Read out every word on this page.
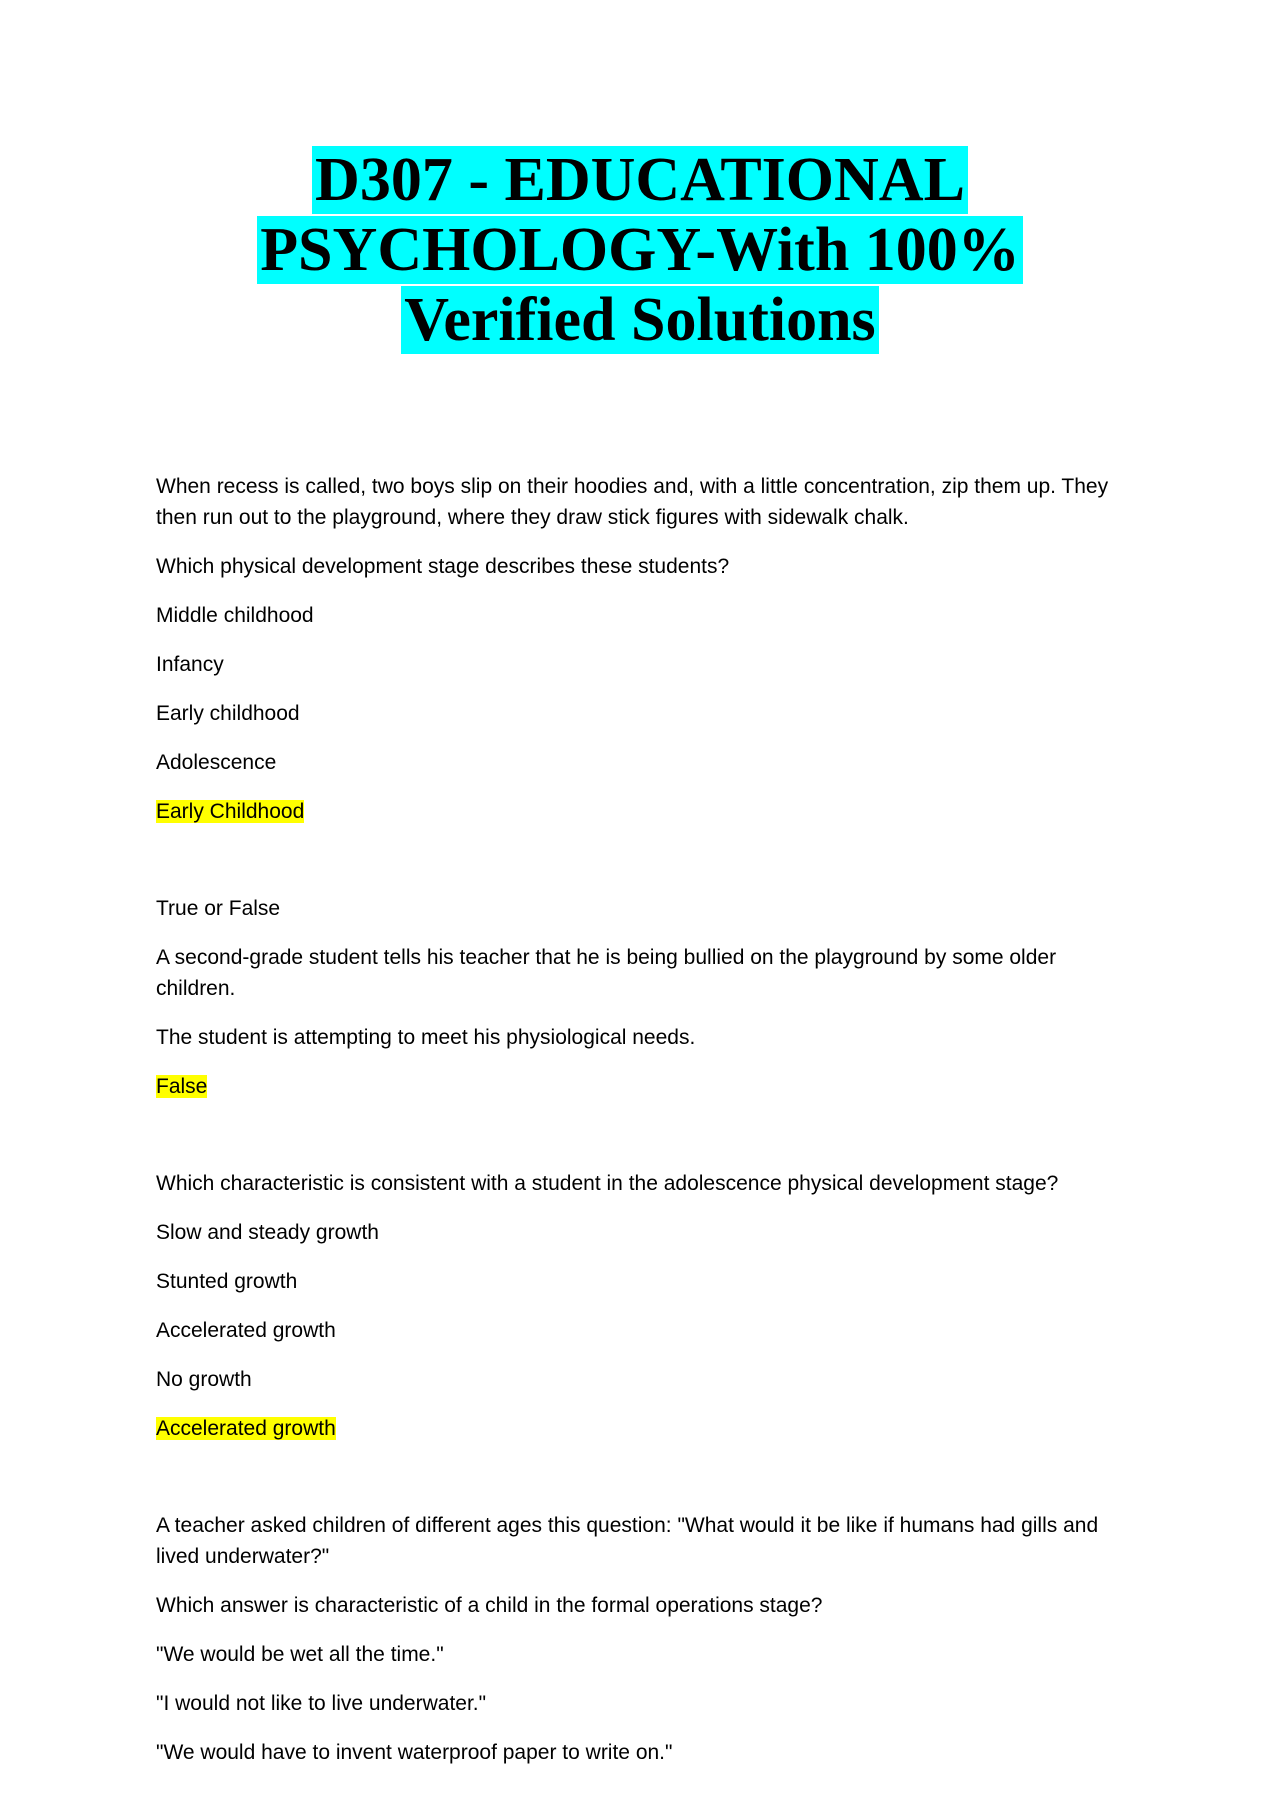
D307 - EDUCATIONAL
PSYCHOLOGY-With 100%
Verified Solutions

When recess is called, two boys slip on their hoodies and, with a little concentration, zip them up. They then run out to the playground, where they draw stick figures with sidewalk chalk.

Which physical development stage describes these students?

Middle childhood

Infancy

Early childhood

Adolescence

Early Childhood

True or False

A second-grade student tells his teacher that he is being bullied on the playground by some older children.

The student is attempting to meet his physiological needs.

False

Which characteristic is consistent with a student in the adolescence physical development stage?

Slow and steady growth

Stunted growth

Accelerated growth

No growth

Accelerated growth

A teacher asked children of different ages this question: "What would it be like if humans had gills and lived underwater?"

Which answer is characteristic of a child in the formal operations stage?

"We would be wet all the time."

"I would not like to live underwater."

"We would have to invent waterproof paper to write on."
